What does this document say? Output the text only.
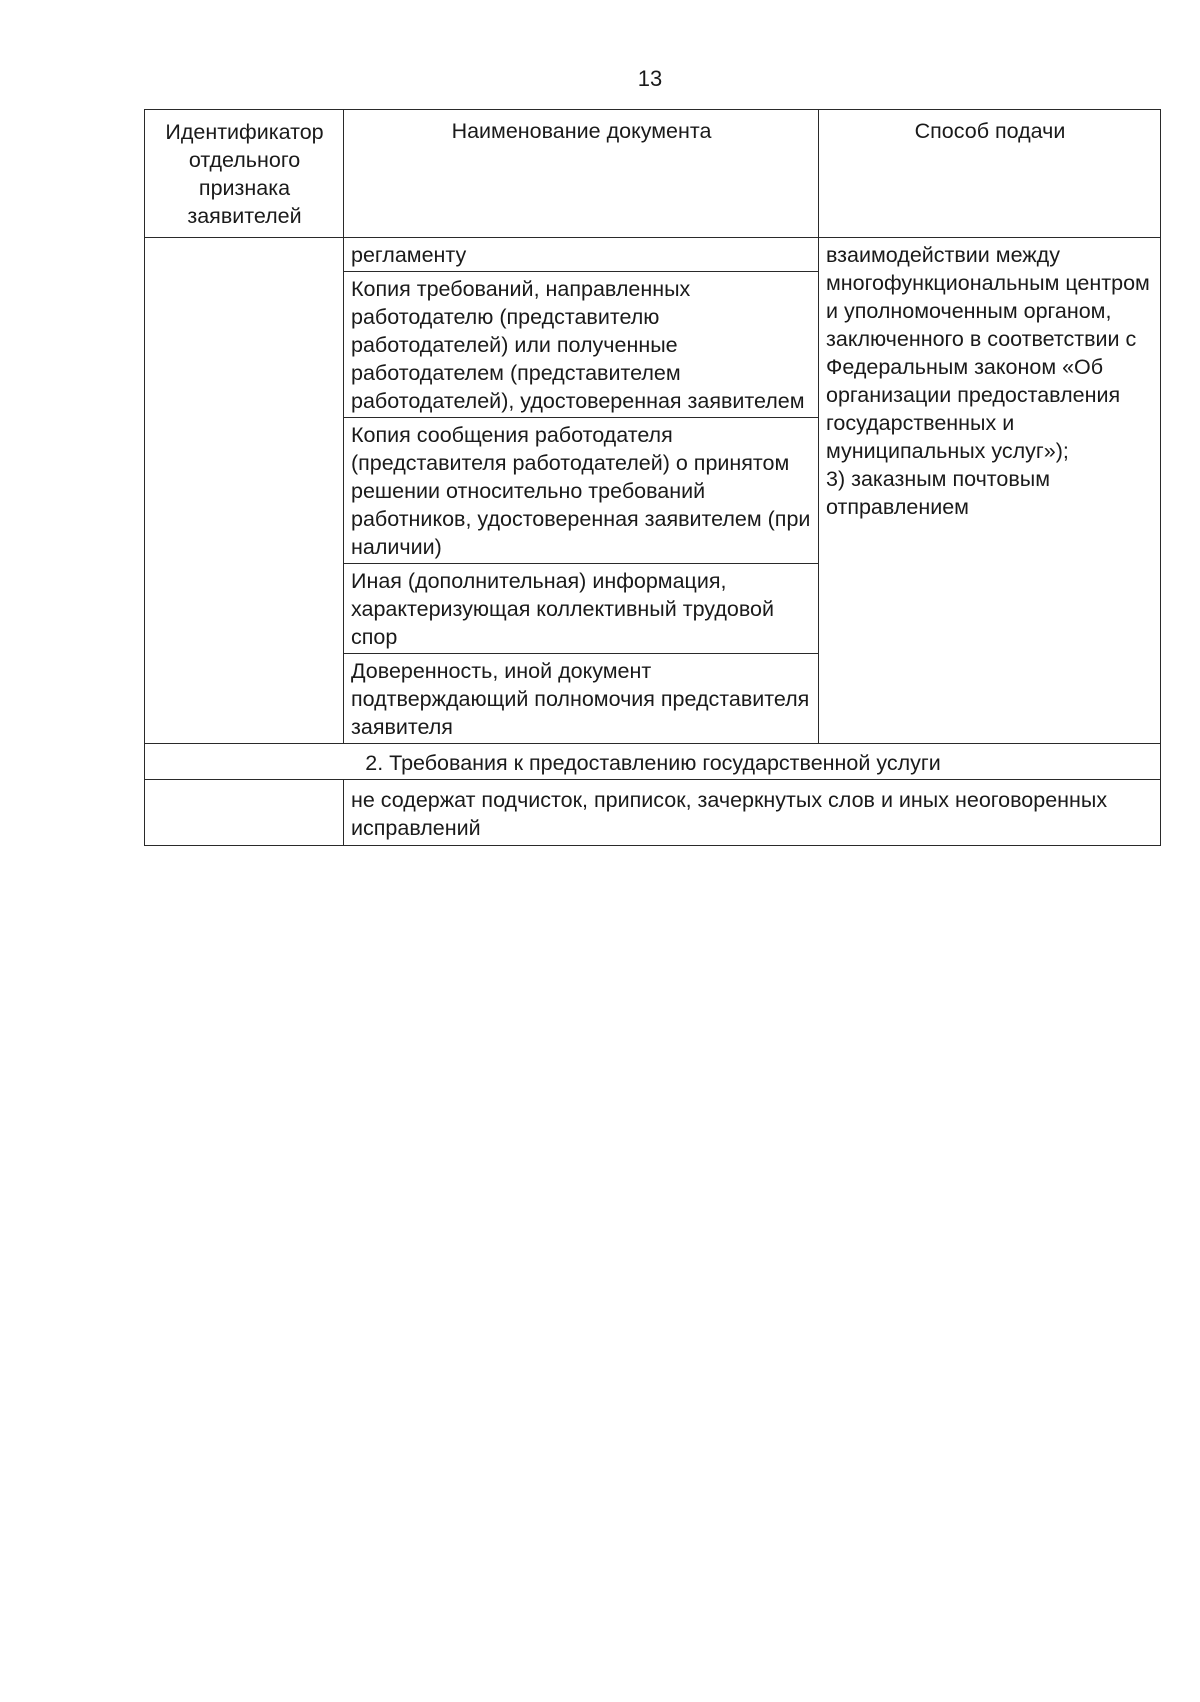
13
Идентификатор отдельного признака заявителей	Наименование документа	Способ подачи
	регламенту	взаимодействии между многофункциональным центром и уполномоченным органом, заключенного в соответствии с Федеральным законом «Об организации предоставления государственных и муниципальных услуг»);
3) заказным почтовым отправлением
	Копия требований, направленных работодателю (представителю работодателей) или полученные работодателем (представителем работодателей), удостоверенная заявителем	
	Копия сообщения работодателя (представителя работодателей) о принятом решении относительно требований работников, удостоверенная заявителем (при наличии)	
	Иная (дополнительная) информация, характеризующая коллективный трудовой спор	
	Доверенность, иной документ подтверждающий полномочия представителя заявителя	
2. Требования к предоставлению государственной услуги		
	не содержат подчисток, приписок, зачеркнутых слов и иных неоговоренных исправлений	
